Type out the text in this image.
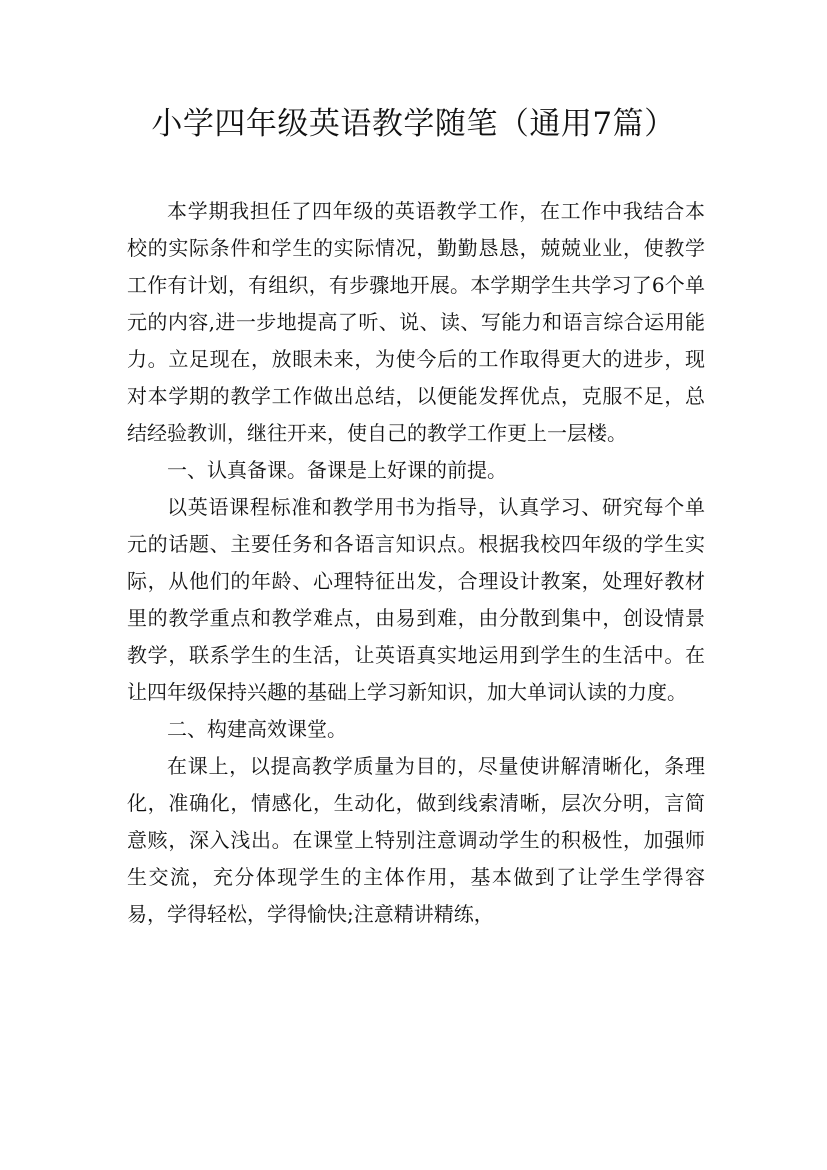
小学四年级英语教学随笔（通用7篇）

本学期我担任了四年级的英语教学工作，在工作中我结合本校的实际条件和学生的实际情况，勤勤恳恳，兢兢业业，使教学工作有计划，有组织，有步骤地开展。本学期学生共学习了6个单元的内容,进一步地提高了听、说、读、写能力和语言综合运用能力。立足现在，放眼未来，为使今后的工作取得更大的进步，现对本学期的教学工作做出总结，以便能发挥优点，克服不足，总结经验教训，继往开来，使自己的教学工作更上一层楼。

一、认真备课。备课是上好课的前提。

以英语课程标准和教学用书为指导，认真学习、研究每个单元的话题、主要任务和各语言知识点。根据我校四年级的学生实际，从他们的年龄、心理特征出发，合理设计教案，处理好教材里的教学重点和教学难点，由易到难，由分散到集中，创设情景教学，联系学生的生活，让英语真实地运用到学生的生活中。在让四年级保持兴趣的基础上学习新知识，加大单词认读的力度。

二、构建高效课堂。

在课上，以提高教学质量为目的，尽量使讲解清晰化，条理化，准确化，情感化，生动化，做到线索清晰，层次分明，言简意赅，深入浅出。在课堂上特别注意调动学生的积极性，加强师生交流，充分体现学生的主体作用，基本做到了让学生学得容易，学得轻松，学得愉快;注意精讲精练，
